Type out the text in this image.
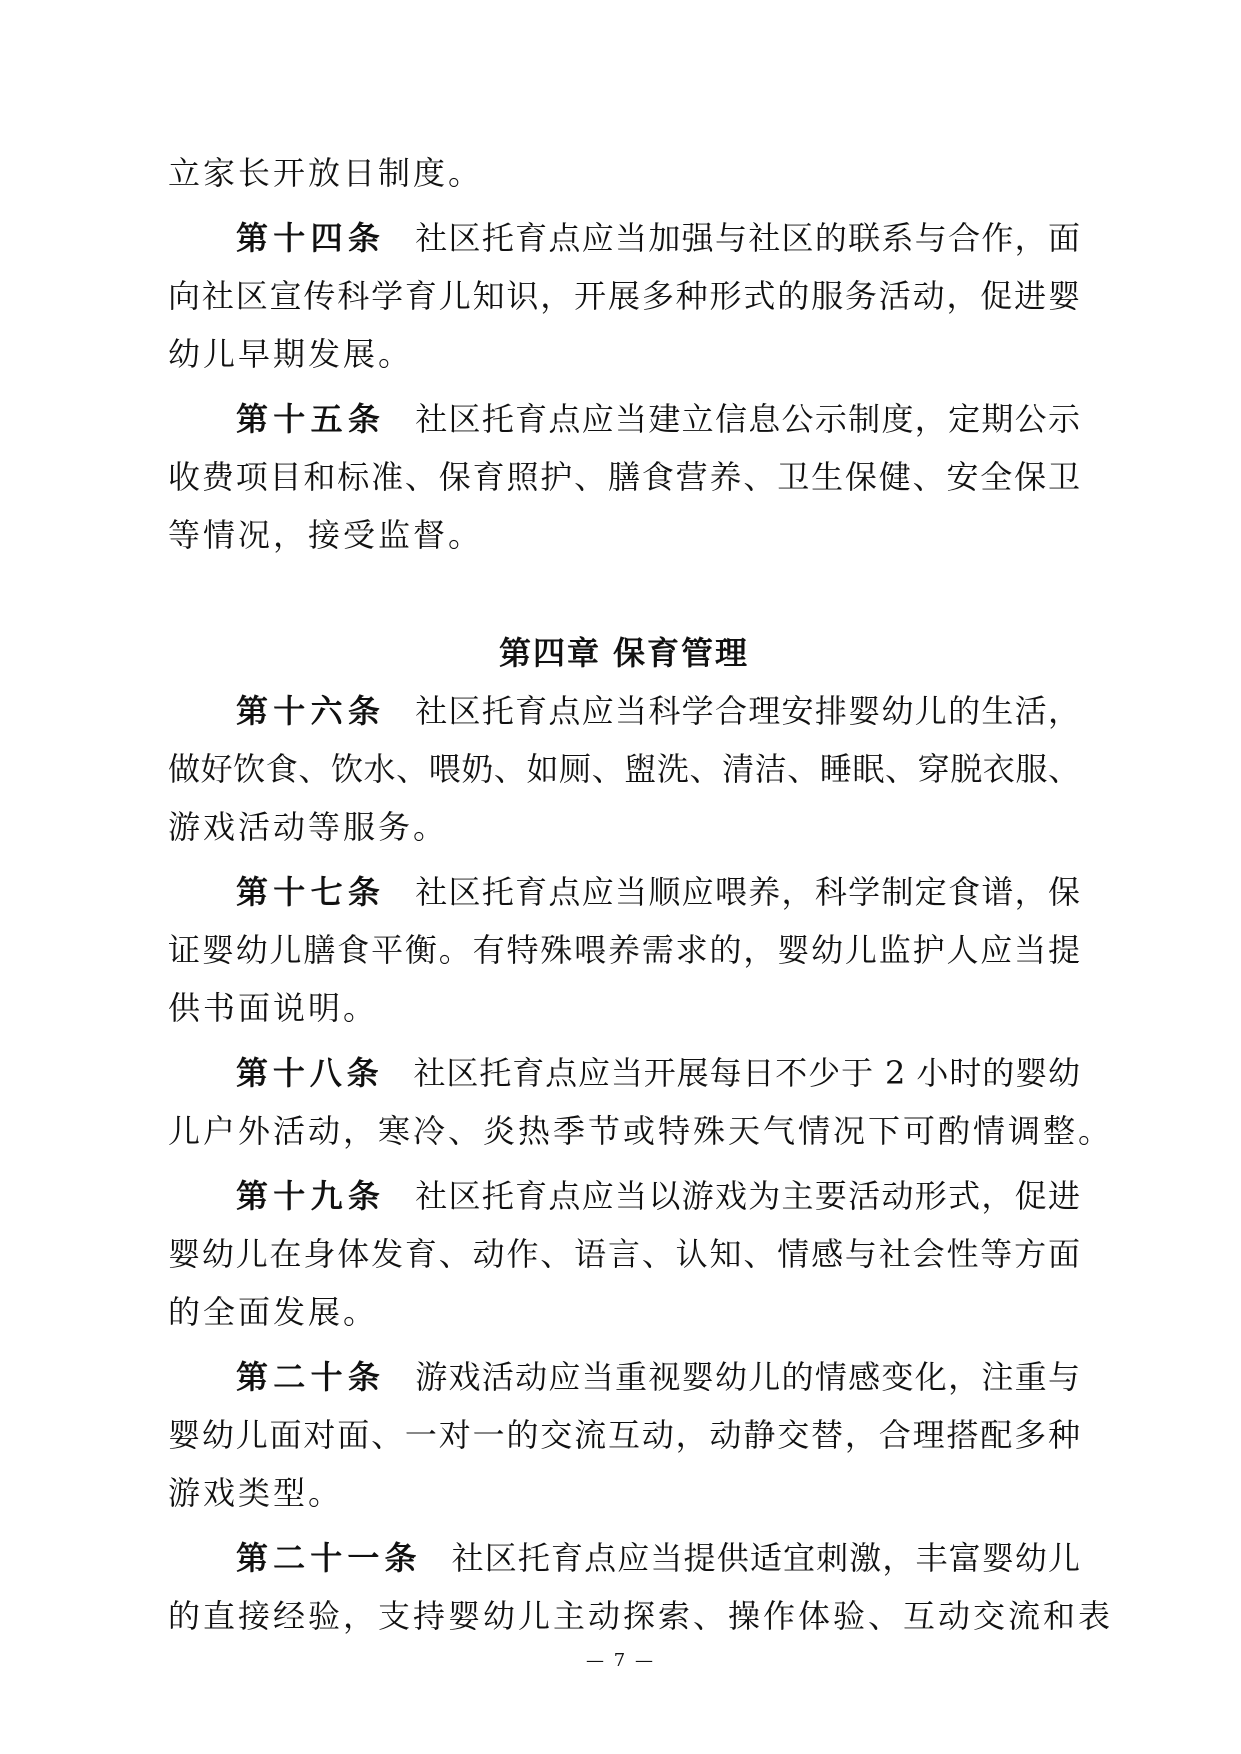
立家长开放日制度。
第十四条 社区托育点应当加强与社区的联系与合作，面
向社区宣传科学育儿知识，开展多种形式的服务活动，促进婴
幼儿早期发展。
第十五条 社区托育点应当建立信息公示制度，定期公示
收费项目和标准、保育照护、膳食营养、卫生保健、安全保卫
等情况，接受监督。
第四章 保育管理
第十六条 社区托育点应当科学合理安排婴幼儿的生活，
做好饮食、饮水、喂奶、如厕、盥洗、清洁、睡眠、穿脱衣服、
游戏活动等服务。
第十七条 社区托育点应当顺应喂养，科学制定食谱，保
证婴幼儿膳食平衡。有特殊喂养需求的，婴幼儿监护人应当提
供书面说明。
第十八条 社区托育点应当开展每日不少于 2 小时的婴幼
儿户外活动，寒冷、炎热季节或特殊天气情况下可酌情调整。
第十九条 社区托育点应当以游戏为主要活动形式，促进
婴幼儿在身体发育、动作、语言、认知、情感与社会性等方面
的全面发展。
第二十条 游戏活动应当重视婴幼儿的情感变化，注重与
婴幼儿面对面、一对一的交流互动，动静交替，合理搭配多种
游戏类型。
第二十一条 社区托育点应当提供适宜刺激，丰富婴幼儿
的直接经验，支持婴幼儿主动探索、操作体验、互动交流和表
— 7 —
